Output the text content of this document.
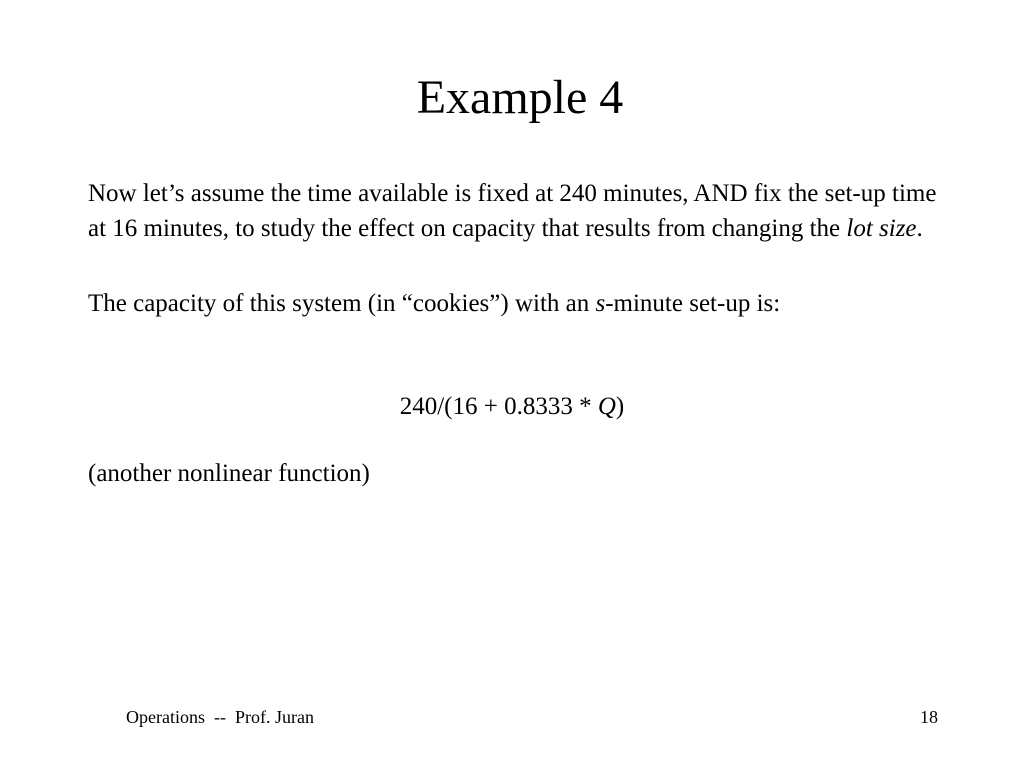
Example 4

Now let’s assume the time available is fixed at 240 minutes, AND fix the set-up time at 16 minutes, to study the effect on capacity that results from changing the lot size.

The capacity of this system (in “cookies”) with an s-minute set-up is:

240/(16 + 0.8333 * Q)

(another nonlinear function)

Operations  --  Prof. Juran	18
